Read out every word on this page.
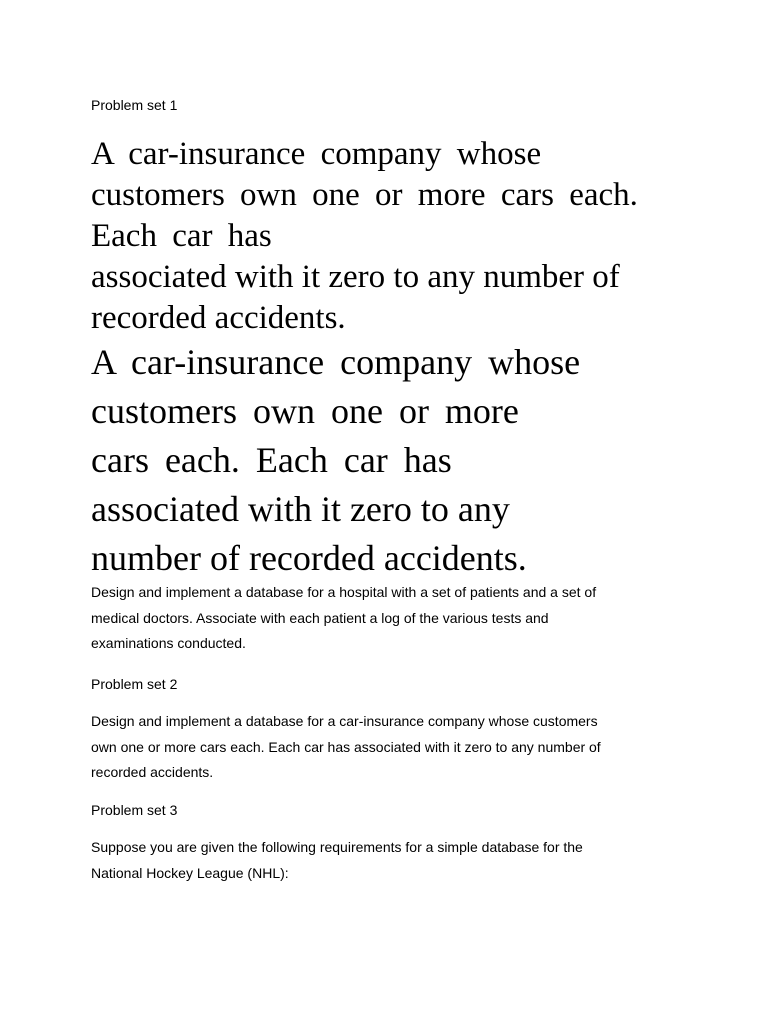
Problem set 1

A car-insurance company whose
customers own one or more cars each.
Each car has
associated with it zero to any number of
recorded accidents.
A car-insurance company whose
customers own one or more
cars each. Each car has
associated with it zero to any
number of recorded accidents.
Design and implement a database for a hospital with a set of patients and a set of
medical doctors. Associate with each patient a log of the various tests and
examinations conducted.

Problem set 2

Design and implement a database for a car-insurance company whose customers
own one or more cars each. Each car has associated with it zero to any number of
recorded accidents.

Problem set 3

Suppose you are given the following requirements for a simple database for the
National Hockey League (NHL):
